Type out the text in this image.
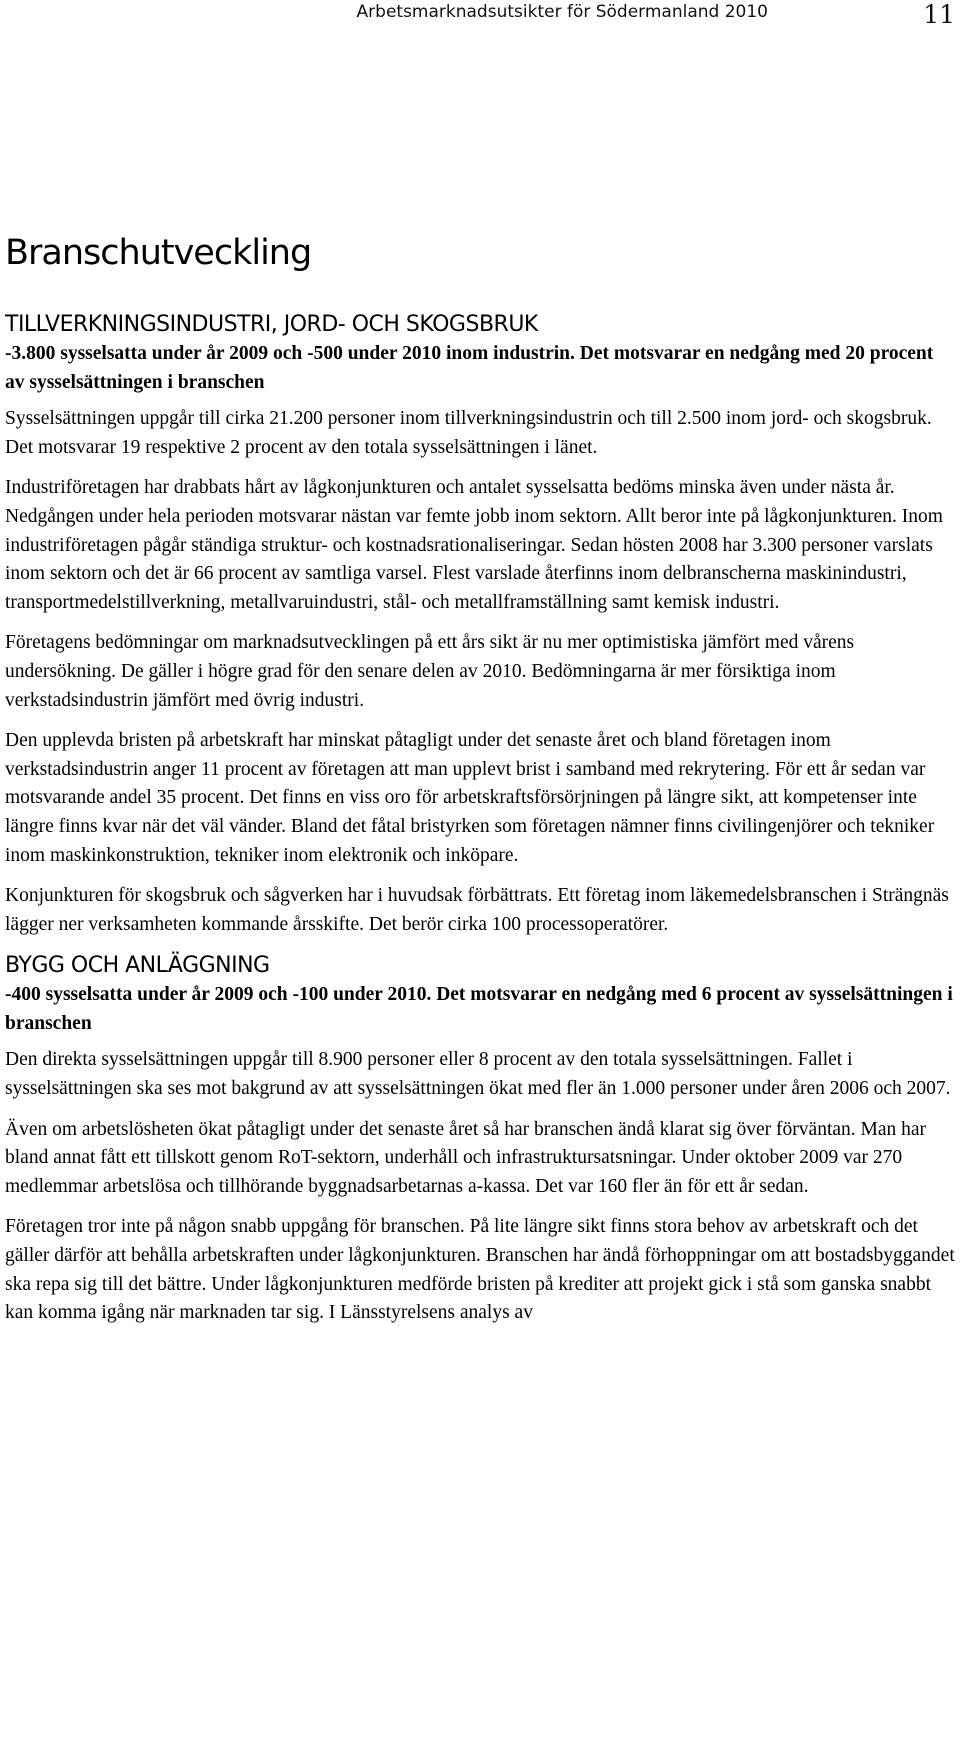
Arbetsmarknadsutsikter för Södermanland 2010	11
Branschutveckling
TILLVERKNINGSINDUSTRI, JORD- OCH SKOGSBRUK

-3.800 sysselsatta under år 2009 och -500 under 2010 inom industrin. Det motsvarar en nedgång med 20 procent av sysselsättningen i branschen

Sysselsättningen uppgår till cirka 21.200 personer inom tillverkningsindustrin och till 2.500 inom jord- och skogsbruk. Det motsvarar 19 respektive 2 procent av den totala sysselsättningen i länet.

Industriföretagen har drabbats hårt av lågkonjunkturen och antalet sysselsatta bedöms minska även under nästa år. Nedgången under hela perioden motsvarar nästan var femte jobb inom sektorn. Allt beror inte på lågkonjunkturen. Inom industriföretagen pågår ständiga struktur- och kostnadsrationaliseringar. Sedan hösten 2008 har 3.300 personer varslats inom sektorn och det är 66 procent av samtliga varsel. Flest varslade återfinns inom delbranscherna maskinindustri, transportmedelstillverkning, metallvaruindustri, stål- och metallframställning samt kemisk industri.

Företagens bedömningar om marknadsutvecklingen på ett års sikt är nu mer optimistiska jämfört med vårens undersökning. De gäller i högre grad för den senare delen av 2010. Bedömningarna är mer försiktiga inom verkstadsindustrin jämfört med övrig industri.

Den upplevda bristen på arbetskraft har minskat påtagligt under det senaste året och bland företagen inom verkstadsindustrin anger 11 procent av företagen att man upplevt brist i samband med rekrytering. För ett år sedan var motsvarande andel 35 procent. Det finns en viss oro för arbetskraftsförsörjningen på längre sikt, att kompetenser inte längre finns kvar när det väl vänder. Bland det fåtal bristyrken som företagen nämner finns civilingenjörer och tekniker inom maskinkonstruktion, tekniker inom elektronik och inköpare.

Konjunkturen för skogsbruk och sågverken har i huvudsak förbättrats. Ett företag inom läkemedelsbranschen i Strängnäs lägger ner verksamheten kommande årsskifte. Det berör cirka 100 processoperatörer.

BYGG OCH ANLÄGGNING

-400 sysselsatta under år 2009 och -100 under 2010. Det motsvarar en nedgång med 6 procent av sysselsättningen i branschen

Den direkta sysselsättningen uppgår till 8.900 personer eller 8 procent av den totala sysselsättningen. Fallet i sysselsättningen ska ses mot bakgrund av att sysselsättningen ökat med fler än 1.000 personer under åren 2006 och 2007.

Även om arbetslösheten ökat påtagligt under det senaste året så har branschen ändå klarat sig över förväntan. Man har bland annat fått ett tillskott genom RoT-sektorn, underhåll och infrastruktursatsningar. Under oktober 2009 var 270 medlemmar arbetslösa och tillhörande byggnadsarbetarnas a-kassa. Det var 160 fler än för ett år sedan.

Företagen tror inte på någon snabb uppgång för branschen. På lite längre sikt finns stora behov av arbetskraft och det gäller därför att behålla arbetskraften under lågkonjunkturen. Branschen har ändå förhoppningar om att bostadsbyggandet ska repa sig till det bättre. Under lågkonjunkturen medförde bristen på krediter att projekt gick i stå som ganska snabbt kan komma igång när marknaden tar sig. I Länsstyrelsens analys av
